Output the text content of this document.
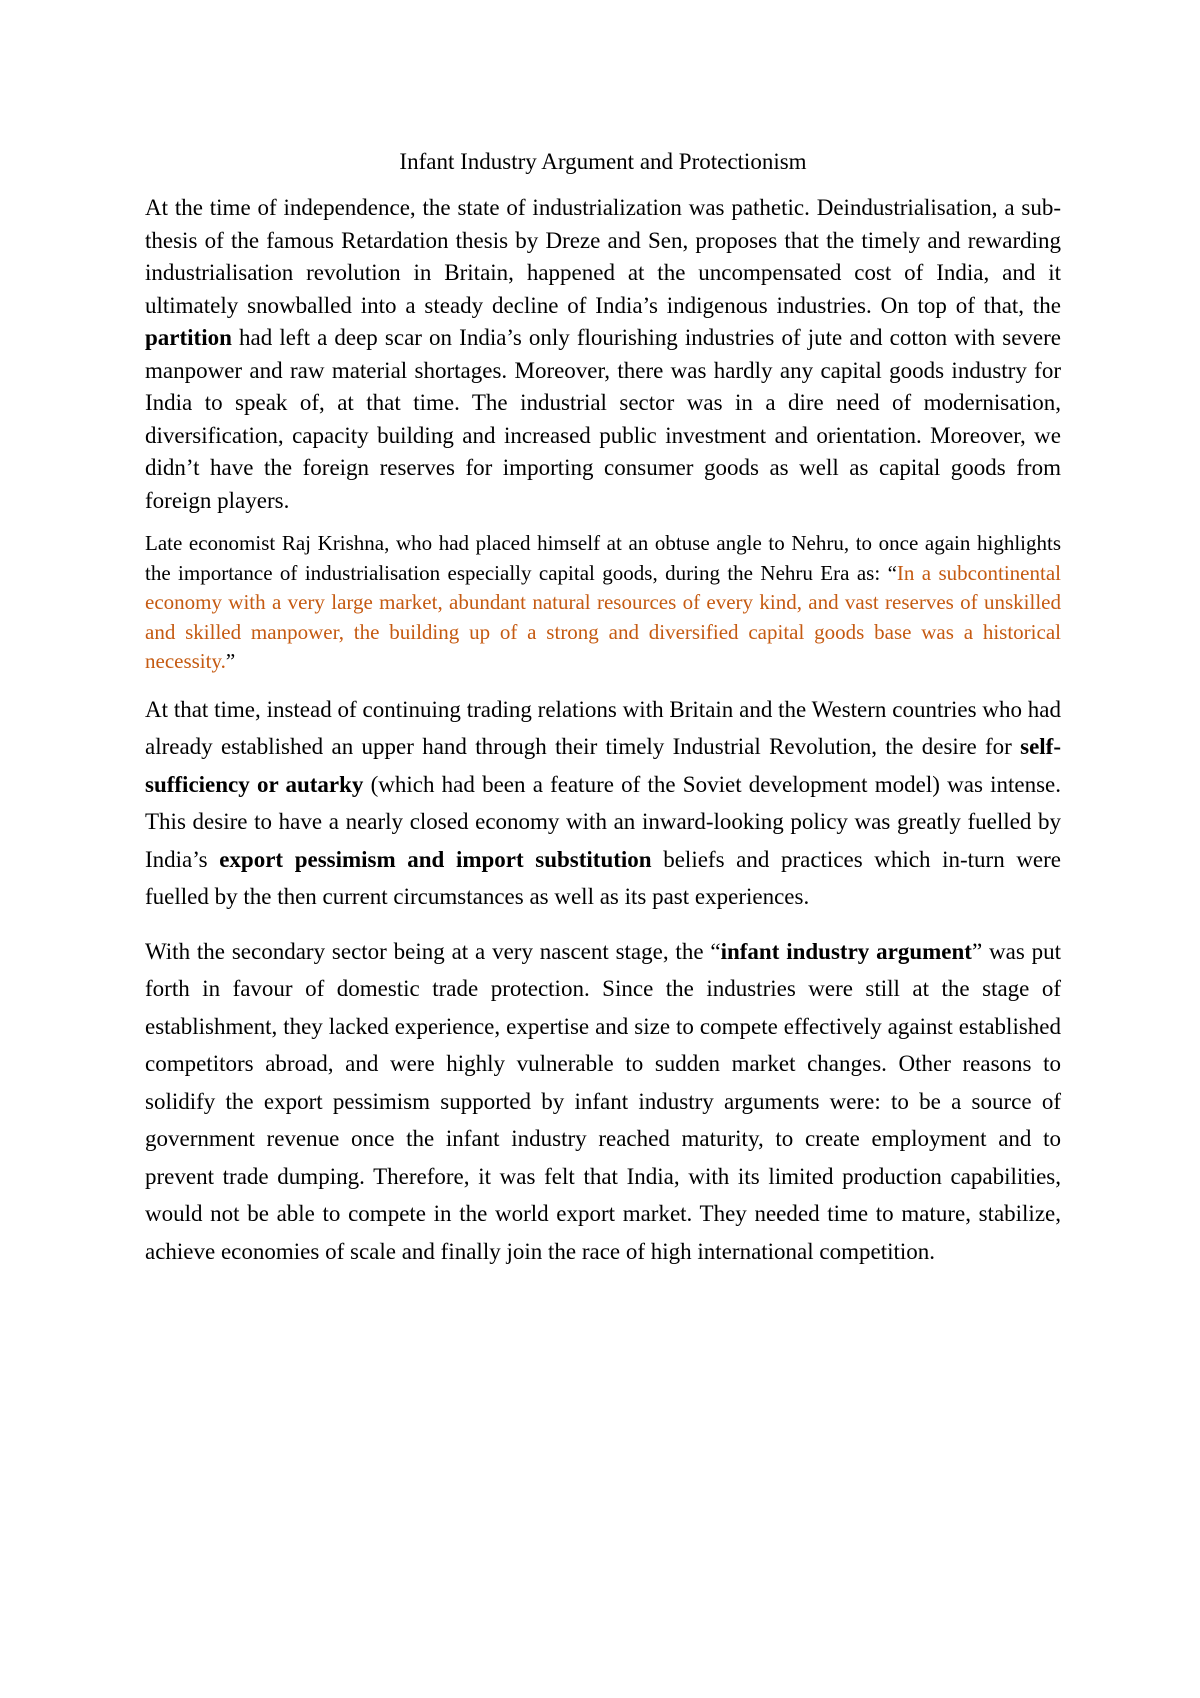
Infant Industry Argument and Protectionism

At the time of independence, the state of industrialization was pathetic. Deindustrialisation, a sub-thesis of the famous Retardation thesis by Dreze and Sen, proposes that the timely and rewarding industrialisation revolution in Britain, happened at the uncompensated cost of India, and it ultimately snowballed into a steady decline of India’s indigenous industries. On top of that, the partition had left a deep scar on India’s only flourishing industries of jute and cotton with severe manpower and raw material shortages. Moreover, there was hardly any capital goods industry for India to speak of, at that time. The industrial sector was in a dire need of modernisation, diversification, capacity building and increased public investment and orientation. Moreover, we didn’t have the foreign reserves for importing consumer goods as well as capital goods from foreign players.

Late economist Raj Krishna, who had placed himself at an obtuse angle to Nehru, to once again highlights the importance of industrialisation especially capital goods, during the Nehru Era as: “In a subcontinental economy with a very large market, abundant natural resources of every kind, and vast reserves of unskilled and skilled manpower, the building up of a strong and diversified capital goods base was a historical necessity.”

At that time, instead of continuing trading relations with Britain and the Western countries who had already established an upper hand through their timely Industrial Revolution, the desire for self-sufficiency or autarky (which had been a feature of the Soviet development model) was intense. This desire to have a nearly closed economy with an inward-looking policy was greatly fuelled by India’s export pessimism and import substitution beliefs and practices which in-turn were fuelled by the then current circumstances as well as its past experiences.

With the secondary sector being at a very nascent stage, the “infant industry argument” was put forth in favour of domestic trade protection. Since the industries were still at the stage of establishment, they lacked experience, expertise and size to compete effectively against established competitors abroad, and were highly vulnerable to sudden market changes. Other reasons to solidify the export pessimism supported by infant industry arguments were: to be a source of government revenue once the infant industry reached maturity, to create employment and to prevent trade dumping. Therefore, it was felt that India, with its limited production capabilities, would not be able to compete in the world export market. They needed time to mature, stabilize, achieve economies of scale and finally join the race of high international competition.
